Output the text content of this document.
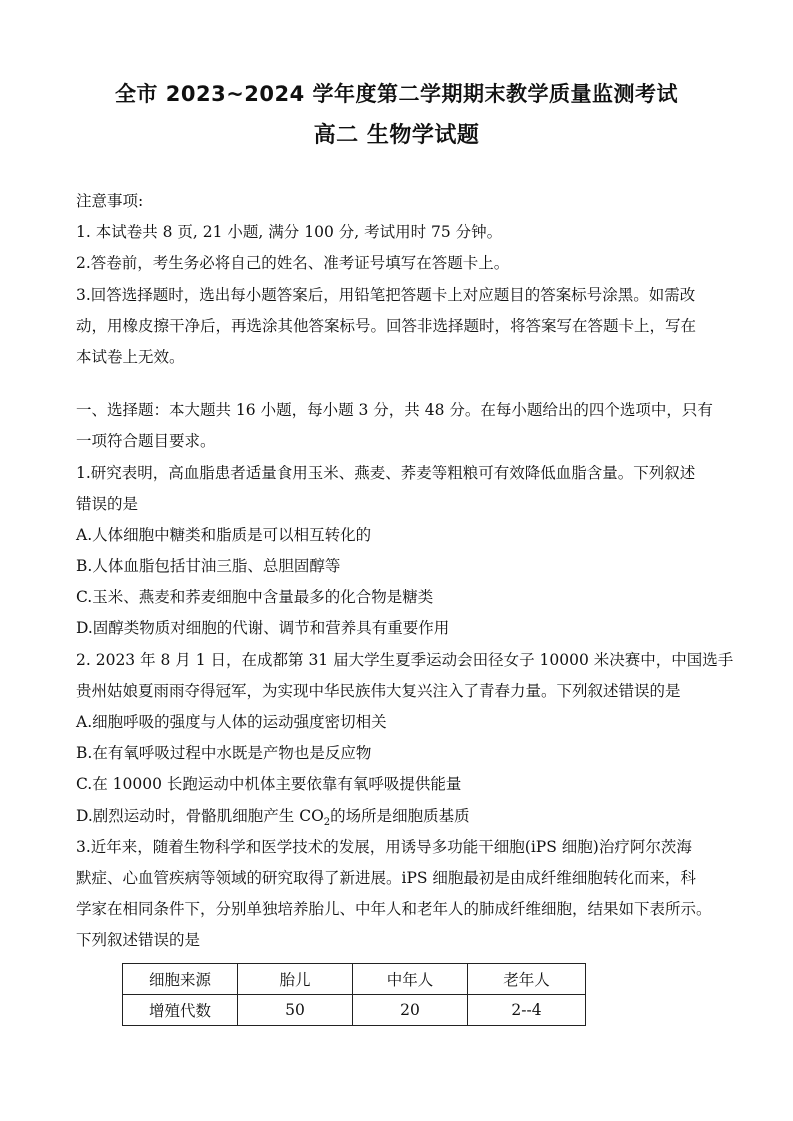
全市 2023~2024 学年度第二学期期末教学质量监测考试
高二 生物学试题
注意事项:
1. 本试卷共 8 页, 21 小题, 满分 100 分, 考试用时 75 分钟。
2.答卷前，考生务必将自己的姓名、准考证号填写在答题卡上。
3.回答选择题时，选出每小题答案后，用铅笔把答题卡上对应题目的答案标号涂黑。如需改
动，用橡皮擦干净后，再选涂其他答案标号。回答非选择题时，将答案写在答题卡上，写在
本试卷上无效。
一、选择题：本大题共 16 小题，每小题 3 分，共 48 分。在每小题给出的四个选项中，只有
一项符合题目要求。
1.研究表明，高血脂患者适量食用玉米、燕麦、荞麦等粗粮可有效降低血脂含量。下列叙述
错误的是
A.人体细胞中糖类和脂质是可以相互转化的
B.人体血脂包括甘油三脂、总胆固醇等
C.玉米、燕麦和荞麦细胞中含量最多的化合物是糖类
D.固醇类物质对细胞的代谢、调节和营养具有重要作用
2. 2023 年 8 月 1 日，在成都第 31 届大学生夏季运动会田径女子 10000 米决赛中，中国选手
贵州姑娘夏雨雨夺得冠军，为实现中华民族伟大复兴注入了青春力量。下列叙述错误的是
A.细胞呼吸的强度与人体的运动强度密切相关
B.在有氧呼吸过程中水既是产物也是反应物
C.在 10000 长跑运动中机体主要依靠有氧呼吸提供能量
D.剧烈运动时，骨骼肌细胞产生 $CO_2$的场所是细胞质基质
3.近年来，随着生物科学和医学技术的发展，用诱导多功能干细胞(iPS 细胞)治疗阿尔茨海
默症、心血管疾病等领域的研究取得了新进展。iPS 细胞最初是由成纤维细胞转化而来，科
学家在相同条件下，分别单独培养胎儿、中年人和老年人的肺成纤维细胞，结果如下表所示。
下列叙述错误的是
细胞来源	胎儿	中年人	老年人
增殖代数	50	20	2--4
